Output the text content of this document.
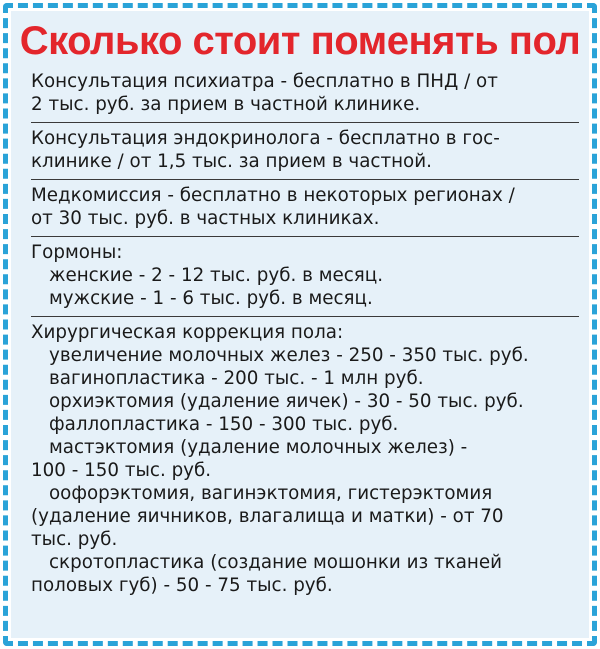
Сколько стоит поменять пол
Консультация психиатра - бесплатно в ПНД / от
2 тыс. руб. за прием в частной клинике.
Консультация эндокринолога - бесплатно в гос-
клинике / от 1,5 тыс. за прием в частной.
Медкомиссия - бесплатно в некоторых регионах /
от 30 тыс. руб. в частных клиниках.
Гормоны:
женские - 2 - 12 тыс. руб. в месяц.
мужские - 1 - 6 тыс. руб. в месяц.
Хирургическая коррекция пола:
увеличение молочных желез - 250 - 350 тыс. руб.
вагинопластика - 200 тыс. - 1 млн руб.
орхиэктомия (удаление яичек) - 30 - 50 тыс. руб.
фаллопластика - 150 - 300 тыс. руб.
мастэктомия (удаление молочных желез) -
100 - 150 тыс. руб.
оофорэктомия, вагинэктомия, гистерэктомия
(удаление яичников, влагалища и матки) - от 70
тыс. руб.
скротопластика (создание мошонки из тканей
половых губ) - 50 - 75 тыс. руб.
